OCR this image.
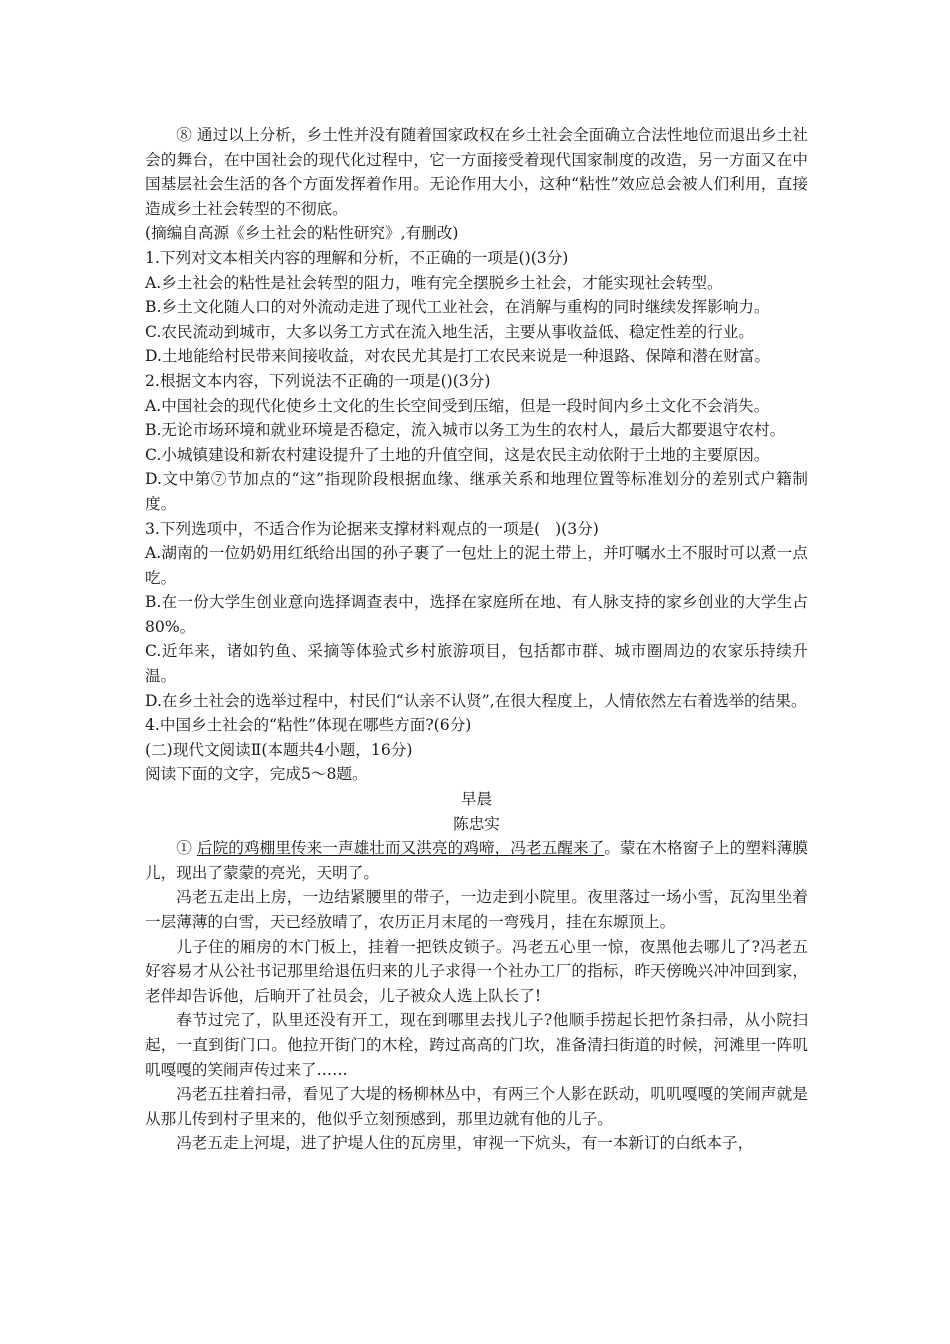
⑧ 通过以上分析，乡土性并没有随着国家政权在乡土社会全面确立合法性地位而退出乡土社会的舞台，在中国社会的现代化过程中，它一方面接受着现代国家制度的改造，另一方面又在中国基层社会生活的各个方面发挥着作用。无论作用大小，这种“粘性”效应总会被人们利用，直接造成乡土社会转型的不彻底。

(摘编自高源《乡土社会的粘性研究》,有删改)

1.下列对文本相关内容的理解和分析，不正确的一项是()(3分)

A.乡土社会的粘性是社会转型的阻力，唯有完全摆脱乡土社会，才能实现社会转型。

B.乡土文化随人口的对外流动走进了现代工业社会，在消解与重构的同时继续发挥影响力。

C.农民流动到城市，大多以务工方式在流入地生活，主要从事收益低、稳定性差的行业。

D.土地能给村民带来间接收益，对农民尤其是打工农民来说是一种退路、保障和潜在财富。

2.根据文本内容，下列说法不正确的一项是()(3分)

A.中国社会的现代化使乡土文化的生长空间受到压缩，但是一段时间内乡土文化不会消失。

B.无论市场环境和就业环境是否稳定，流入城市以务工为生的农村人，最后大都要退守农村。

C.小城镇建设和新农村建设提升了土地的升值空间，这是农民主动依附于土地的主要原因。

D.文中第⑦节加点的“这”指现阶段根据血缘、继承关系和地理位置等标准划分的差别式户籍制度。

3.下列选项中，不适合作为论据来支撑材料观点的一项是(   )(3分)

A.湖南的一位奶奶用红纸给出国的孙子裹了一包灶上的泥土带上，并叮嘱水土不服时可以煮一点吃。

B.在一份大学生创业意向选择调查表中，选择在家庭所在地、有人脉支持的家乡创业的大学生占80%。

C.近年来，诸如钓鱼、采摘等体验式乡村旅游项目，包括都市群、城市圈周边的农家乐持续升温。

D.在乡土社会的选举过程中，村民们“认亲不认贤”,在很大程度上，人情依然左右着选举的结果。

4.中国乡土社会的“粘性”体现在哪些方面?(6分)

(二)现代文阅读Ⅱ(本题共4小题，16分)

阅读下面的文字，完成5～8题。

早晨

陈忠实

① 后院的鸡棚里传来一声雄壮而又洪亮的鸡啼，冯老五醒来了。蒙在木格窗子上的塑料薄膜儿，现出了蒙蒙的亮光，天明了。

冯老五走出上房，一边结紧腰里的带子，一边走到小院里。夜里落过一场小雪，瓦沟里坐着一层薄薄的白雪，天已经放晴了，农历正月末尾的一弯残月，挂在东塬顶上。

儿子住的厢房的木门板上，挂着一把铁皮锁子。冯老五心里一惊，夜黑他去哪儿了?冯老五好容易才从公社书记那里给退伍归来的儿子求得一个社办工厂的指标，昨天傍晚兴冲冲回到家，老伴却告诉他，后晌开了社员会，儿子被众人选上队长了!

春节过完了，队里还没有开工，现在到哪里去找儿子?他顺手捞起长把竹条扫帚，从小院扫起，一直到街门口。他拉开街门的木栓，跨过高高的门坎，准备清扫街道的时候，河滩里一阵叽叽嘎嘎的笑闹声传过来了……

冯老五拄着扫帚，看见了大堤的杨柳林丛中，有两三个人影在跃动，叽叽嘎嘎的笑闹声就是从那儿传到村子里来的，他似乎立刻预感到，那里边就有他的儿子。

冯老五走上河堤，进了护堤人住的瓦房里，审视一下炕头，有一本新订的白纸本子，
